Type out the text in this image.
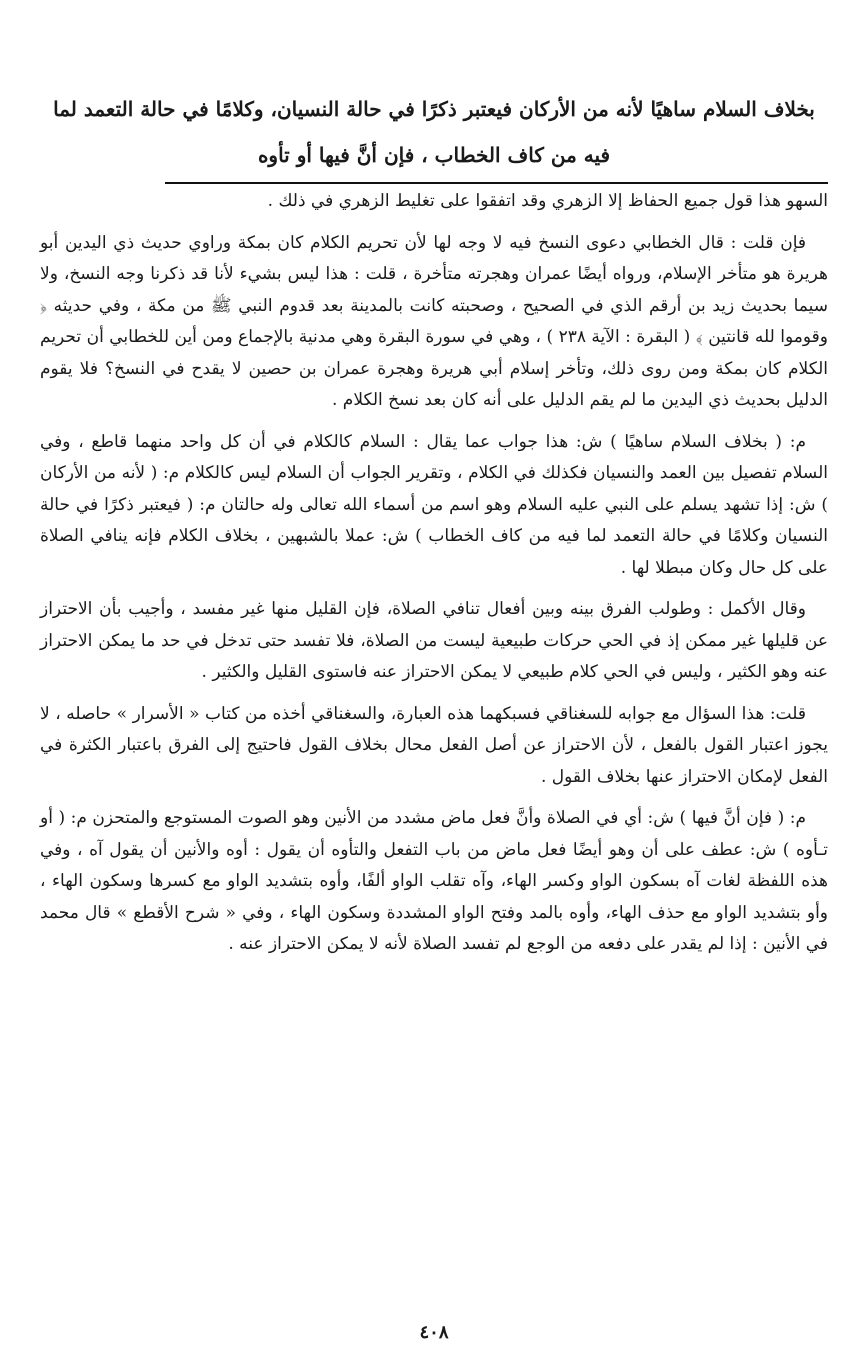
بخلاف السلام ساهيًا لأنه من الأركان فيعتبر ذكرًا في حالة النسيان، وكلامًا في حالة التعمد لما فيه من كاف الخطاب ، فإن أنَّ فيها أو تأوه

السهو هذا قول جميع الحفاظ إلا الزهري وقد اتفقوا على تغليط الزهري في ذلك .

فإن قلت : قال الخطابي دعوى النسخ فيه لا وجه لها لأن تحريم الكلام كان بمكة وراوي حديث ذي اليدين أبو هريرة هو متأخر الإسلام، ورواه أيضًا عمران وهجرته متأخرة ، قلت : هذا ليس بشيء لأنا قد ذكرنا وجه النسخ، ولا سيما بحديث زيد بن أرقم الذي في الصحيح ، وصحبته كانت بالمدينة بعد قدوم النبي ﷺ من مكة ، وفي حديثه ﴿ وقوموا لله قانتين ﴾ ( البقرة : الآية ٢٣٨ ) ، وهي في سورة البقرة وهي مدنية بالإجماع ومن أين للخطابي أن تحريم الكلام كان بمكة ومن روى ذلك، وتأخر إسلام أبي هريرة وهجرة عمران بن حصين لا يقدح في النسخ؟ فلا يقوم الدليل بحديث ذي اليدين ما لم يقم الدليل على أنه كان بعد نسخ الكلام .

م: ( بخلاف السلام ساهيًا ) ش: هذا جواب عما يقال : السلام كالكلام في أن كل واحد منهما قاطع ، وفي السلام تفصيل بين العمد والنسيان فكذلك في الكلام ، وتقرير الجواب أن السلام ليس كالكلام م: ( لأنه من الأركان ) ش: إذا تشهد يسلم على النبي عليه السلام وهو اسم من أسماء الله تعالى وله حالتان م: ( فيعتبر ذكرًا في حالة النسيان وكلامًا في حالة التعمد لما فيه من كاف الخطاب ) ش: عملا بالشبهين ، بخلاف الكلام فإنه ينافي الصلاة على كل حال وكان مبطلا لها .

وقال الأكمل : وطولب الفرق بينه وبين أفعال تنافي الصلاة، فإن القليل منها غير مفسد ، وأجيب بأن الاحتراز عن قليلها غير ممكن إذ في الحي حركات طبيعية ليست من الصلاة، فلا تفسد حتى تدخل في حد ما يمكن الاحتراز عنه وهو الكثير ، وليس في الحي كلام طبيعي لا يمكن الاحتراز عنه فاستوى القليل والكثير .

قلت: هذا السؤال مع جوابه للسغناقي فسبكهما هذه العبارة، والسغناقي أخذه من كتاب « الأسرار » حاصله ، لا يجوز اعتبار القول بالفعل ، لأن الاحتراز عن أصل الفعل محال بخلاف القول فاحتيج إلى الفرق باعتبار الكثرة في الفعل لإمكان الاحتراز عنها بخلاف القول .

م: ( فإن أنَّ فيها ) ش: أي في الصلاة وأنَّ فعل ماض مشدد من الأنين وهو الصوت المستوجع والمتحزن م: ( أو تـأوه ) ش: عطف على أن وهو أيضًا فعل ماض من باب التفعل والتأوه أن يقول : أوه والأنين أن يقول آه ، وفي هذه اللفظة لغات آه بسكون الواو وكسر الهاء، وآه تقلب الواو ألفًا، وأوه بتشديد الواو مع كسرها وسكون الهاء ، وأو بتشديد الواو مع حذف الهاء، وأوه بالمد وفتح الواو المشددة وسكون الهاء ، وفي « شرح الأقطع » قال محمد في الأنين : إذا لم يقدر على دفعه من الوجع لم تفسد الصلاة لأنه لا يمكن الاحتراز عنه .

٤٠٨
